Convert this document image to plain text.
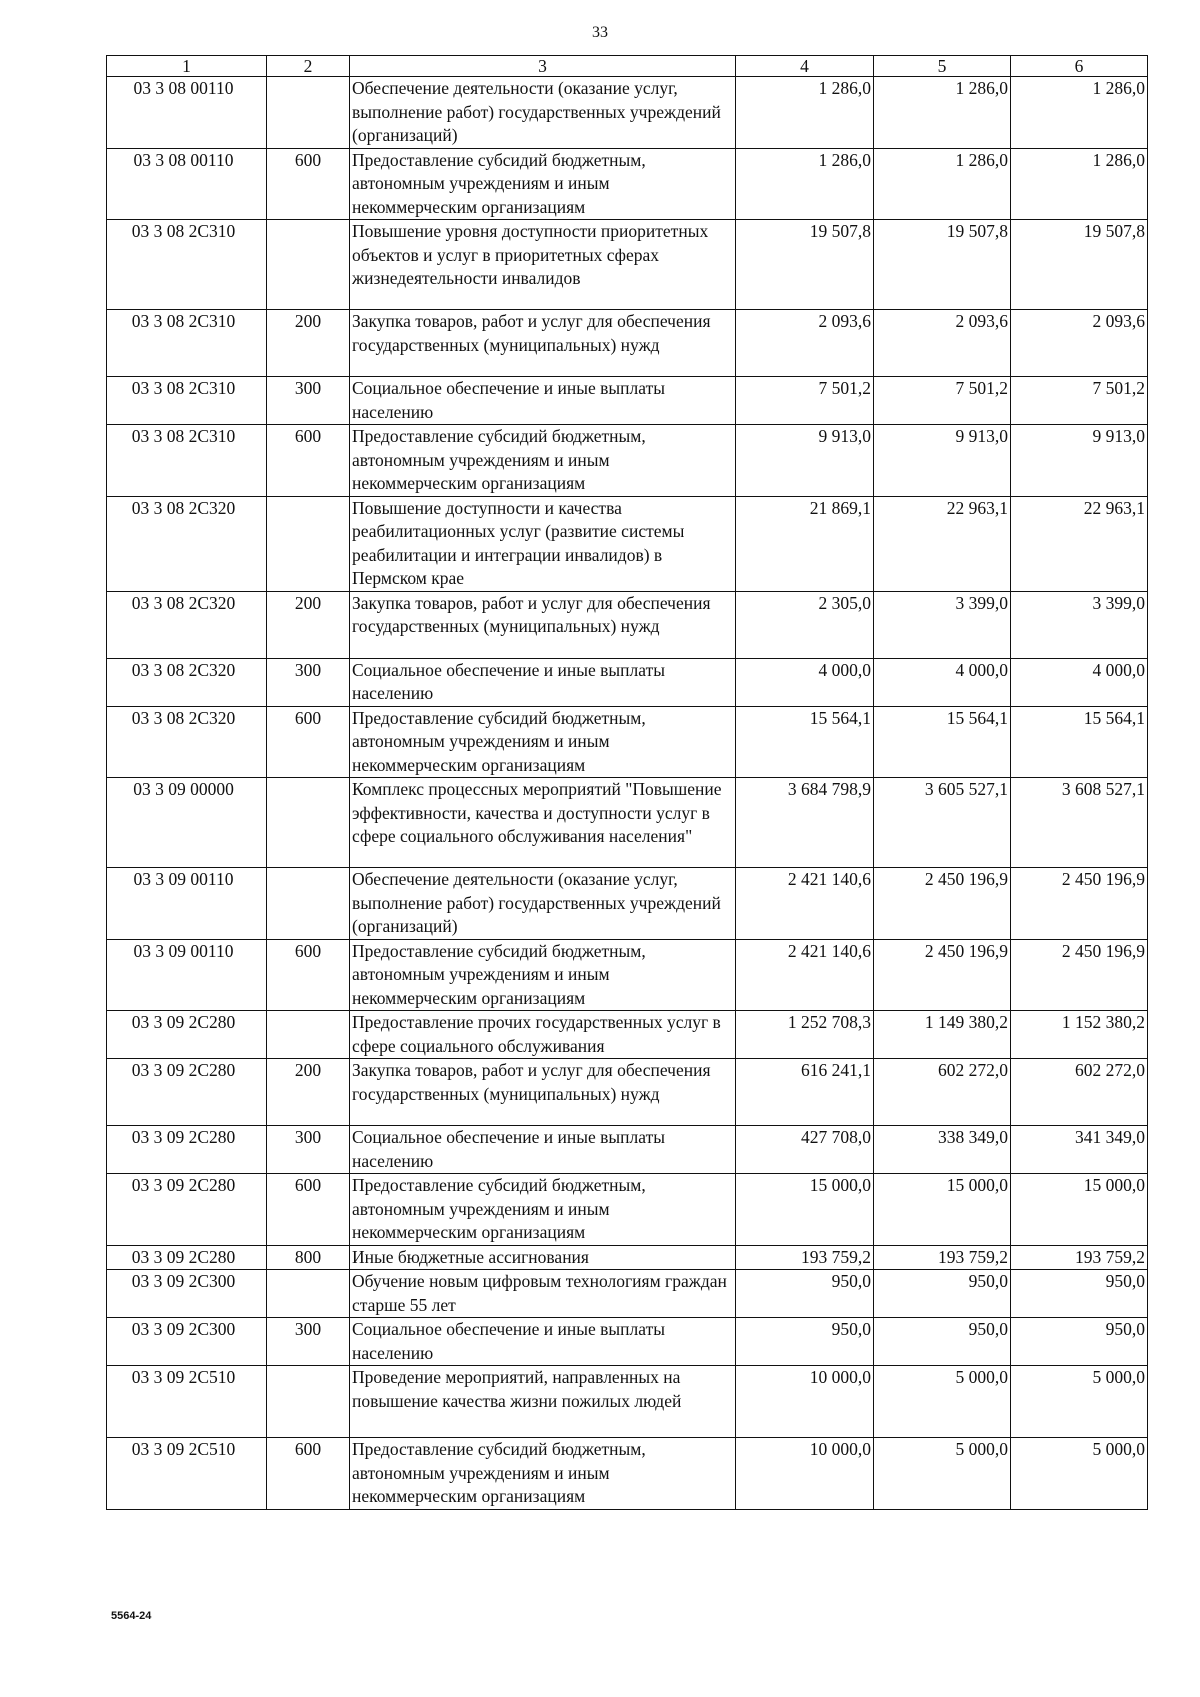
33
1	2	3	4	5	6
03 3 08 00110		Обеспечение деятельности (оказание услуг, выполнение работ) государственных учреждений (организаций)	1 286,0	1 286,0	1 286,0
03 3 08 00110	600	Предоставление субсидий бюджетным, автономным учреждениям и иным некоммерческим организациям	1 286,0	1 286,0	1 286,0
03 3 08 2С310		Повышение уровня доступности приоритетных объектов и услуг в приоритетных сферах жизнедеятельности инвалидов	19 507,8	19 507,8	19 507,8
03 3 08 2С310	200	Закупка товаров, работ и услуг для обеспечения государственных (муниципальных) нужд	2 093,6	2 093,6	2 093,6
03 3 08 2С310	300	Социальное обеспечение и иные выплаты населению	7 501,2	7 501,2	7 501,2
03 3 08 2С310	600	Предоставление субсидий бюджетным, автономным учреждениям и иным некоммерческим организациям	9 913,0	9 913,0	9 913,0
03 3 08 2С320		Повышение доступности и качества реабилитационных услуг (развитие системы реабилитации и интеграции инвалидов) в Пермском крае	21 869,1	22 963,1	22 963,1
03 3 08 2С320	200	Закупка товаров, работ и услуг для обеспечения государственных (муниципальных) нужд	2 305,0	3 399,0	3 399,0
03 3 08 2С320	300	Социальное обеспечение и иные выплаты населению	4 000,0	4 000,0	4 000,0
03 3 08 2С320	600	Предоставление субсидий бюджетным, автономным учреждениям и иным некоммерческим организациям	15 564,1	15 564,1	15 564,1
03 3 09 00000		Комплекс процессных мероприятий "Повышение эффективности, качества и доступности услуг в сфере социального обслуживания населения"	3 684 798,9	3 605 527,1	3 608 527,1
03 3 09 00110		Обеспечение деятельности (оказание услуг, выполнение работ) государственных учреждений (организаций)	2 421 140,6	2 450 196,9	2 450 196,9
03 3 09 00110	600	Предоставление субсидий бюджетным, автономным учреждениям и иным некоммерческим организациям	2 421 140,6	2 450 196,9	2 450 196,9
03 3 09 2С280		Предоставление прочих государственных услуг в сфере социального обслуживания	1 252 708,3	1 149 380,2	1 152 380,2
03 3 09 2С280	200	Закупка товаров, работ и услуг для обеспечения государственных (муниципальных) нужд	616 241,1	602 272,0	602 272,0
03 3 09 2С280	300	Социальное обеспечение и иные выплаты населению	427 708,0	338 349,0	341 349,0
03 3 09 2С280	600	Предоставление субсидий бюджетным, автономным учреждениям и иным некоммерческим организациям	15 000,0	15 000,0	15 000,0
03 3 09 2С280	800	Иные бюджетные ассигнования	193 759,2	193 759,2	193 759,2
03 3 09 2С300		Обучение новым цифровым технологиям граждан старше 55 лет	950,0	950,0	950,0
03 3 09 2С300	300	Социальное обеспечение и иные выплаты населению	950,0	950,0	950,0
03 3 09 2С510		Проведение мероприятий, направленных на повышение качества жизни пожилых людей	10 000,0	5 000,0	5 000,0
03 3 09 2С510	600	Предоставление субсидий бюджетным, автономным учреждениям и иным некоммерческим организациям	10 000,0	5 000,0	5 000,0
5564-24
